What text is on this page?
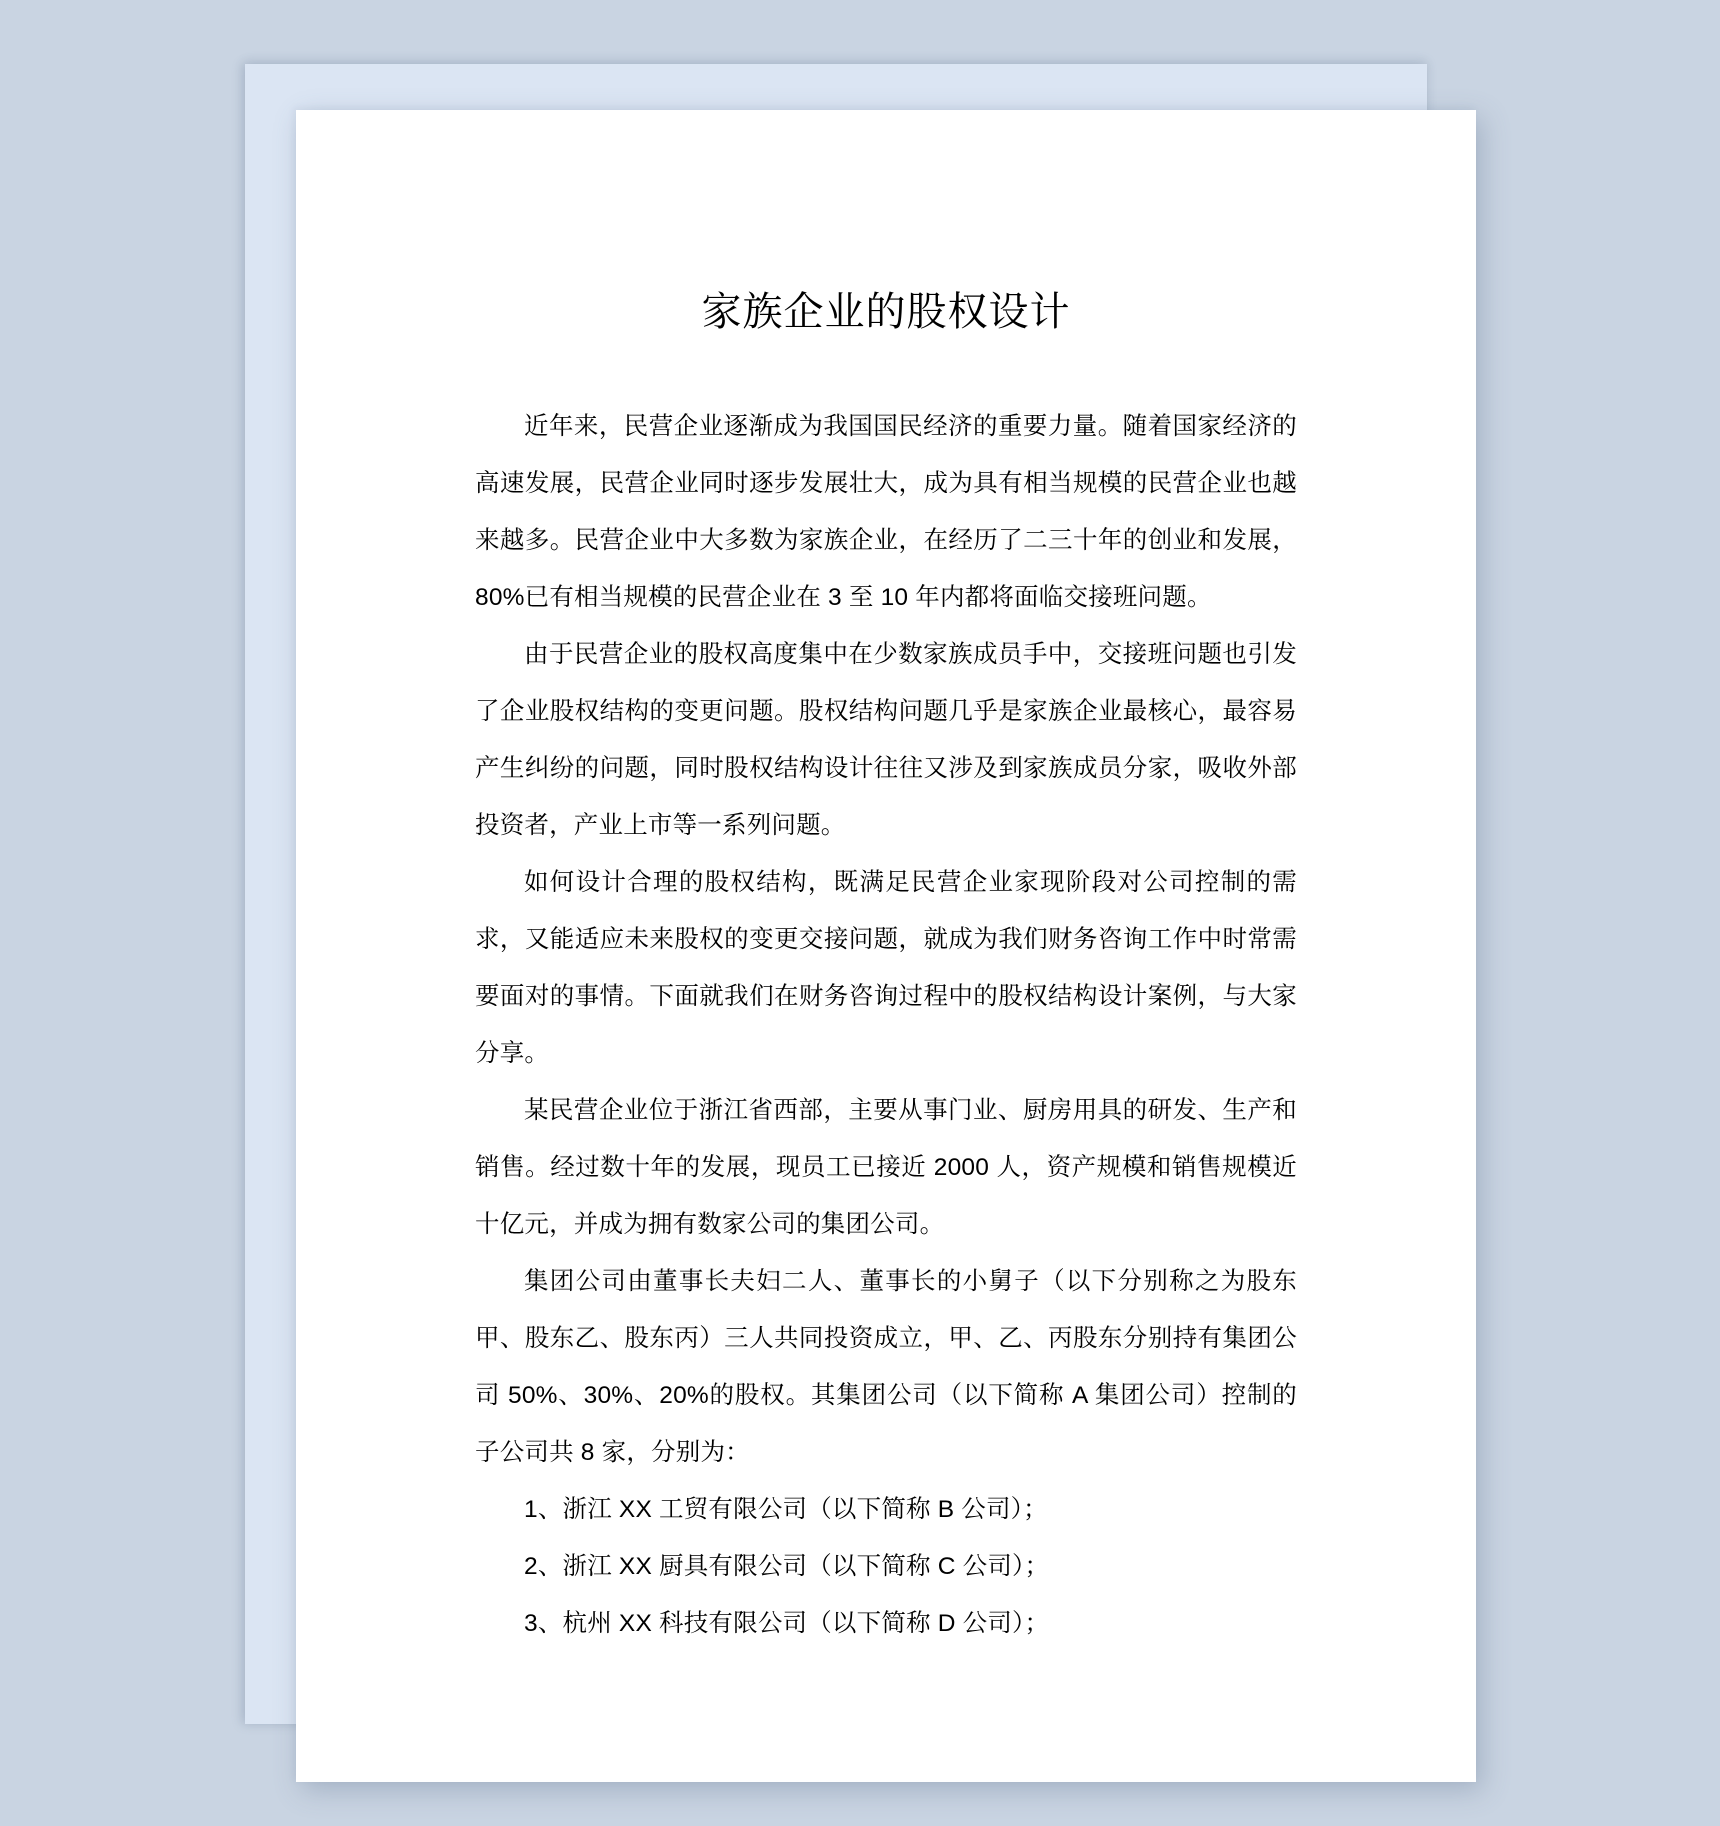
家族企业的股权设计

近年来，民营企业逐渐成为我国国民经济的重要力量。随着国家经济的高速发展，民营企业同时逐步发展壮大，成为具有相当规模的民营企业也越来越多。民营企业中大多数为家族企业，在经历了二三十年的创业和发展，80%已有相当规模的民营企业在 3 至 10 年内都将面临交接班问题。

由于民营企业的股权高度集中在少数家族成员手中，交接班问题也引发了企业股权结构的变更问题。股权结构问题几乎是家族企业最核心，最容易产生纠纷的问题，同时股权结构设计往往又涉及到家族成员分家，吸收外部投资者，产业上市等一系列问题。

如何设计合理的股权结构，既满足民营企业家现阶段对公司控制的需求，又能适应未来股权的变更交接问题，就成为我们财务咨询工作中时常需要面对的事情。下面就我们在财务咨询过程中的股权结构设计案例，与大家分享。

某民营企业位于浙江省西部，主要从事门业、厨房用具的研发、生产和销售。经过数十年的发展，现员工已接近 2000 人，资产规模和销售规模近十亿元，并成为拥有数家公司的集团公司。

集团公司由董事长夫妇二人、董事长的小舅子（以下分别称之为股东甲、股东乙、股东丙）三人共同投资成立，甲、乙、丙股东分别持有集团公司 50%、30%、20%的股权。其集团公司（以下简称 A 集团公司）控制的子公司共 8 家，分别为：

1、浙江 XX 工贸有限公司（以下简称 B 公司）；

2、浙江 XX 厨具有限公司（以下简称 C 公司）；

3、杭州 XX 科技有限公司（以下简称 D 公司）；
